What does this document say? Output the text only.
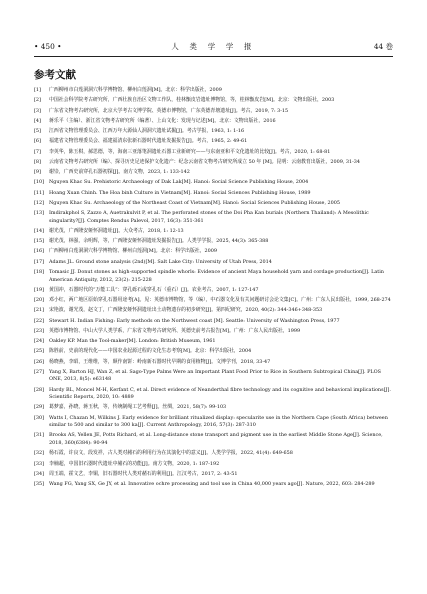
• 450 •	人 类 学 学 报	44 卷
参考文献
[1] 广西柳州市白莲洞洞穴科学博物馆、柳州白莲洞[M]。北京：科学出版社，2009
[2] 中国社会科学院考古研究所，广西壮族自治区文物工作队，桂林甑皮岩遗址博物馆，等，桂林甑皮岩[M]。北京：文物出版社，2003
[3] 广东省文物考古研究所，北京大学考古文博学院、英德市博物馆，广东英德青塘遗址[J]。考古，2019, 7: 3-15
[4] 蒋乐平（主编）、浙江省文物考古研究所（编著）、上山文化：发现与记述[M]。北京：文物出版社，2016
[5] 江西省文物管理委员会、江西万年大源仙人洞洞穴遗址试掘[J]。考古学报，1963, 1: 1-16
[6] 福建省文物管理委员会、福建福清东张新石器时代遗址发掘报告[J]。考古，1965, 2: 49-61
[7] 李英华，陈玉棋，郝思德，等，海南三亚落笔洞遗址石器工业新研究——与东南亚和平文化遗址的比较[J]。考古，2020, 1: 68-81
[8] 云南省文物考古研究所（编）、探寻历史足迹保护文化遗产：纪念云南省文物考古研究所成立 50 年 [M]。昆明：云南教育出版社，2009, 31-34
[9] 谢崇，广西史前穿孔石器初探[J]。南方文物，2023, 1: 133-142
[10] Nguyen Khac Su. Prehistoric Archaeology of Dak Lak[M]. Hanoi: Social Science Publishing House, 2004
[11] Hoang Xuan Chinh. The Hoa binh Culture in Vietnam[M]. Hanoi: Social Sciences Publishing House, 1989
[12] Nguyen Khac Su. Archaeology of the Northeast Coast of Vietnam[M]. Hanoi: Social Sciences Publishing House, 2005
[13] Imdirakphol S, Zazzo A, Auetrakulvit P, et al. The perforated stones of the Doi Pha Kan burials (Northern Thailand): A Mesolithic singularity?[J]. Comptes Rendus Palevol, 2017, 16(3): 351-361
[14] 谢光茂，广西隆安娅怀洞遗址[J]。大众考古，2018, 1: 12-13
[15] 谢光茂，林强，余明辉，等，广西隆安娅怀洞遗址发掘报告[J]。人类学学报，2025, 44(3): 365-388
[16] 广西柳州白莲洞洞穴科学博物馆、柳州白莲洞[M]。北京：科学出版社，2009
[17] Adams JL. Ground stone analysis (2nd)[M]. Salt Lake City: University of Utah Press, 2014
[18] Tomasic JJ. Donut stones as high-supported spindle whorls: Evidence of ancient Maya household yarn and cordage production[J]. Latin American Antiquity, 2012, 23(2): 215-228
[19] 黄国冲，石器时代的“万能工具”：穿孔砾石或穿孔石（重石）[J]。农业考古，2007, 1: 127-147
[20] 邓小红，两广地区原始穿孔石器用途考[A]。见：英德市博物馆，等（编），中石器文化及有关问题研讨会论文集[C]。广州：广东人民出版社，1999, 268-274
[21] 宋艳波，谢光茂，赵文丁，广西隆安娅怀洞遗址出土动物遗存的初步研究[J]。第四纪研究，2020, 40(2): 344-346+348-353
[22] Stewart H. Indian Fishing: Early methods on the Northwest coast [M]. Seattle: University of Washington Press, 1977
[23] 英德市博物馆、中山大学人类学系，广东省文物考古研究所、英德史前考古报告[M]。广州：广东人民出版社，1999
[24] Oakley KP. Man the Tool-maker[M]. London: British Museum, 1961
[25] 陈胜前，史前的现代化——中国农业起源过程的文化生态考察[M]。北京：科学出版社，2004
[26] 杨晓燕，李昭，王维维，等，颠作南饼：岭南新石器时代早期的食用植物[J]。文博学刊，2018, 33-47
[27] Yang X, Barton HJ, Wan Z, et al. Sago-Type Palms Were an Important Plant Food Prior to Rice in Southern Subtropical China[J]. PLOS ONE, 2013, 8(5): e63148
[28] Hardy BL, Moncel M-H, Kerfant C, et al. Direct evidence of Neanderthal fibre technology and its cognitive and behavioral implications[J]. Scientific Reports, 2020, 10: 4889
[29] 葛梦嘉，孙晓，蒋玉秋，等，传统制绳工艺考释[J]。丝绸，2021, 58(7): 99-103
[30] Watts I, Chazan M, Wilkins J. Early evidence for brilliant ritualized display: specularite use in the Northern Cape (South Africa) between similar to 500 and similar to 300 ka[J]. Current Anthropology, 2016, 57(3): 287-310
[31] Brooks AS, Yellen JE, Potts Richard, et al. Long-distance stone transport and pigment use in the earliest Middle Stone Age[J]. Science, 2018, 360(6384): 90-94
[32] 杨石霞，许良文，段发祥，古人类对赭石的利用行为在其演化中的意义[J]。人类学学报，2022, 41(4): 649-658
[33] 李楠超，中国旧石器时代遗址中赭石的功能[J]。南方文物，2020, 1: 187-192
[34] 周玉端，霍文艺，李铜，旧石器时代人类对赭石的利用[J]。江汉考古，2017, 2: 43-51
[35] Wang FG, Yang SX, Ge JY, et al. Innovative ochre processing and tool use in China 40,000 years ago[J]. Nature, 2022, 603: 284-289
